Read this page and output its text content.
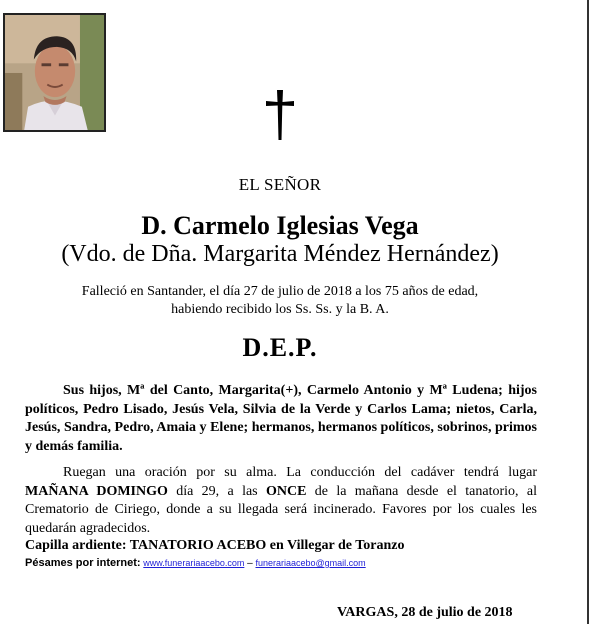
EL SEÑOR
D. Carmelo Iglesias Vega
(Vdo. de Dña. Margarita Méndez Hernández)
Falleció en Santander, el día 27 de julio de 2018 a los 75 años de edad,
habiendo recibido los Ss. Ss. y la B. A.
D.E.P.
Sus hijos, Mª del Canto, Margarita(+), Carmelo Antonio y Mª Ludena; hijos políticos, Pedro Lisado, Jesús Vela, Silvia de la Verde y Carlos Lama; nietos, Carla, Jesús, Sandra, Pedro, Amaia y Elene; hermanos, hermanos políticos, sobrinos, primos y demás familia.
Ruegan una oración por su alma. La conducción del cadáver tendrá lugar MAÑANA DOMINGO día 29, a las ONCE de la mañana desde el tanatorio, al Crematorio de Ciriego, donde a su llegada será incinerado. Favores por los cuales les quedarán agradecidos.
Capilla ardiente: TANATORIO ACEBO en Villegar de Toranzo
Pésames por internet: www.funerariaacebo.com – funerariaacebo@gmail.com
VARGAS, 28 de julio de 2018
